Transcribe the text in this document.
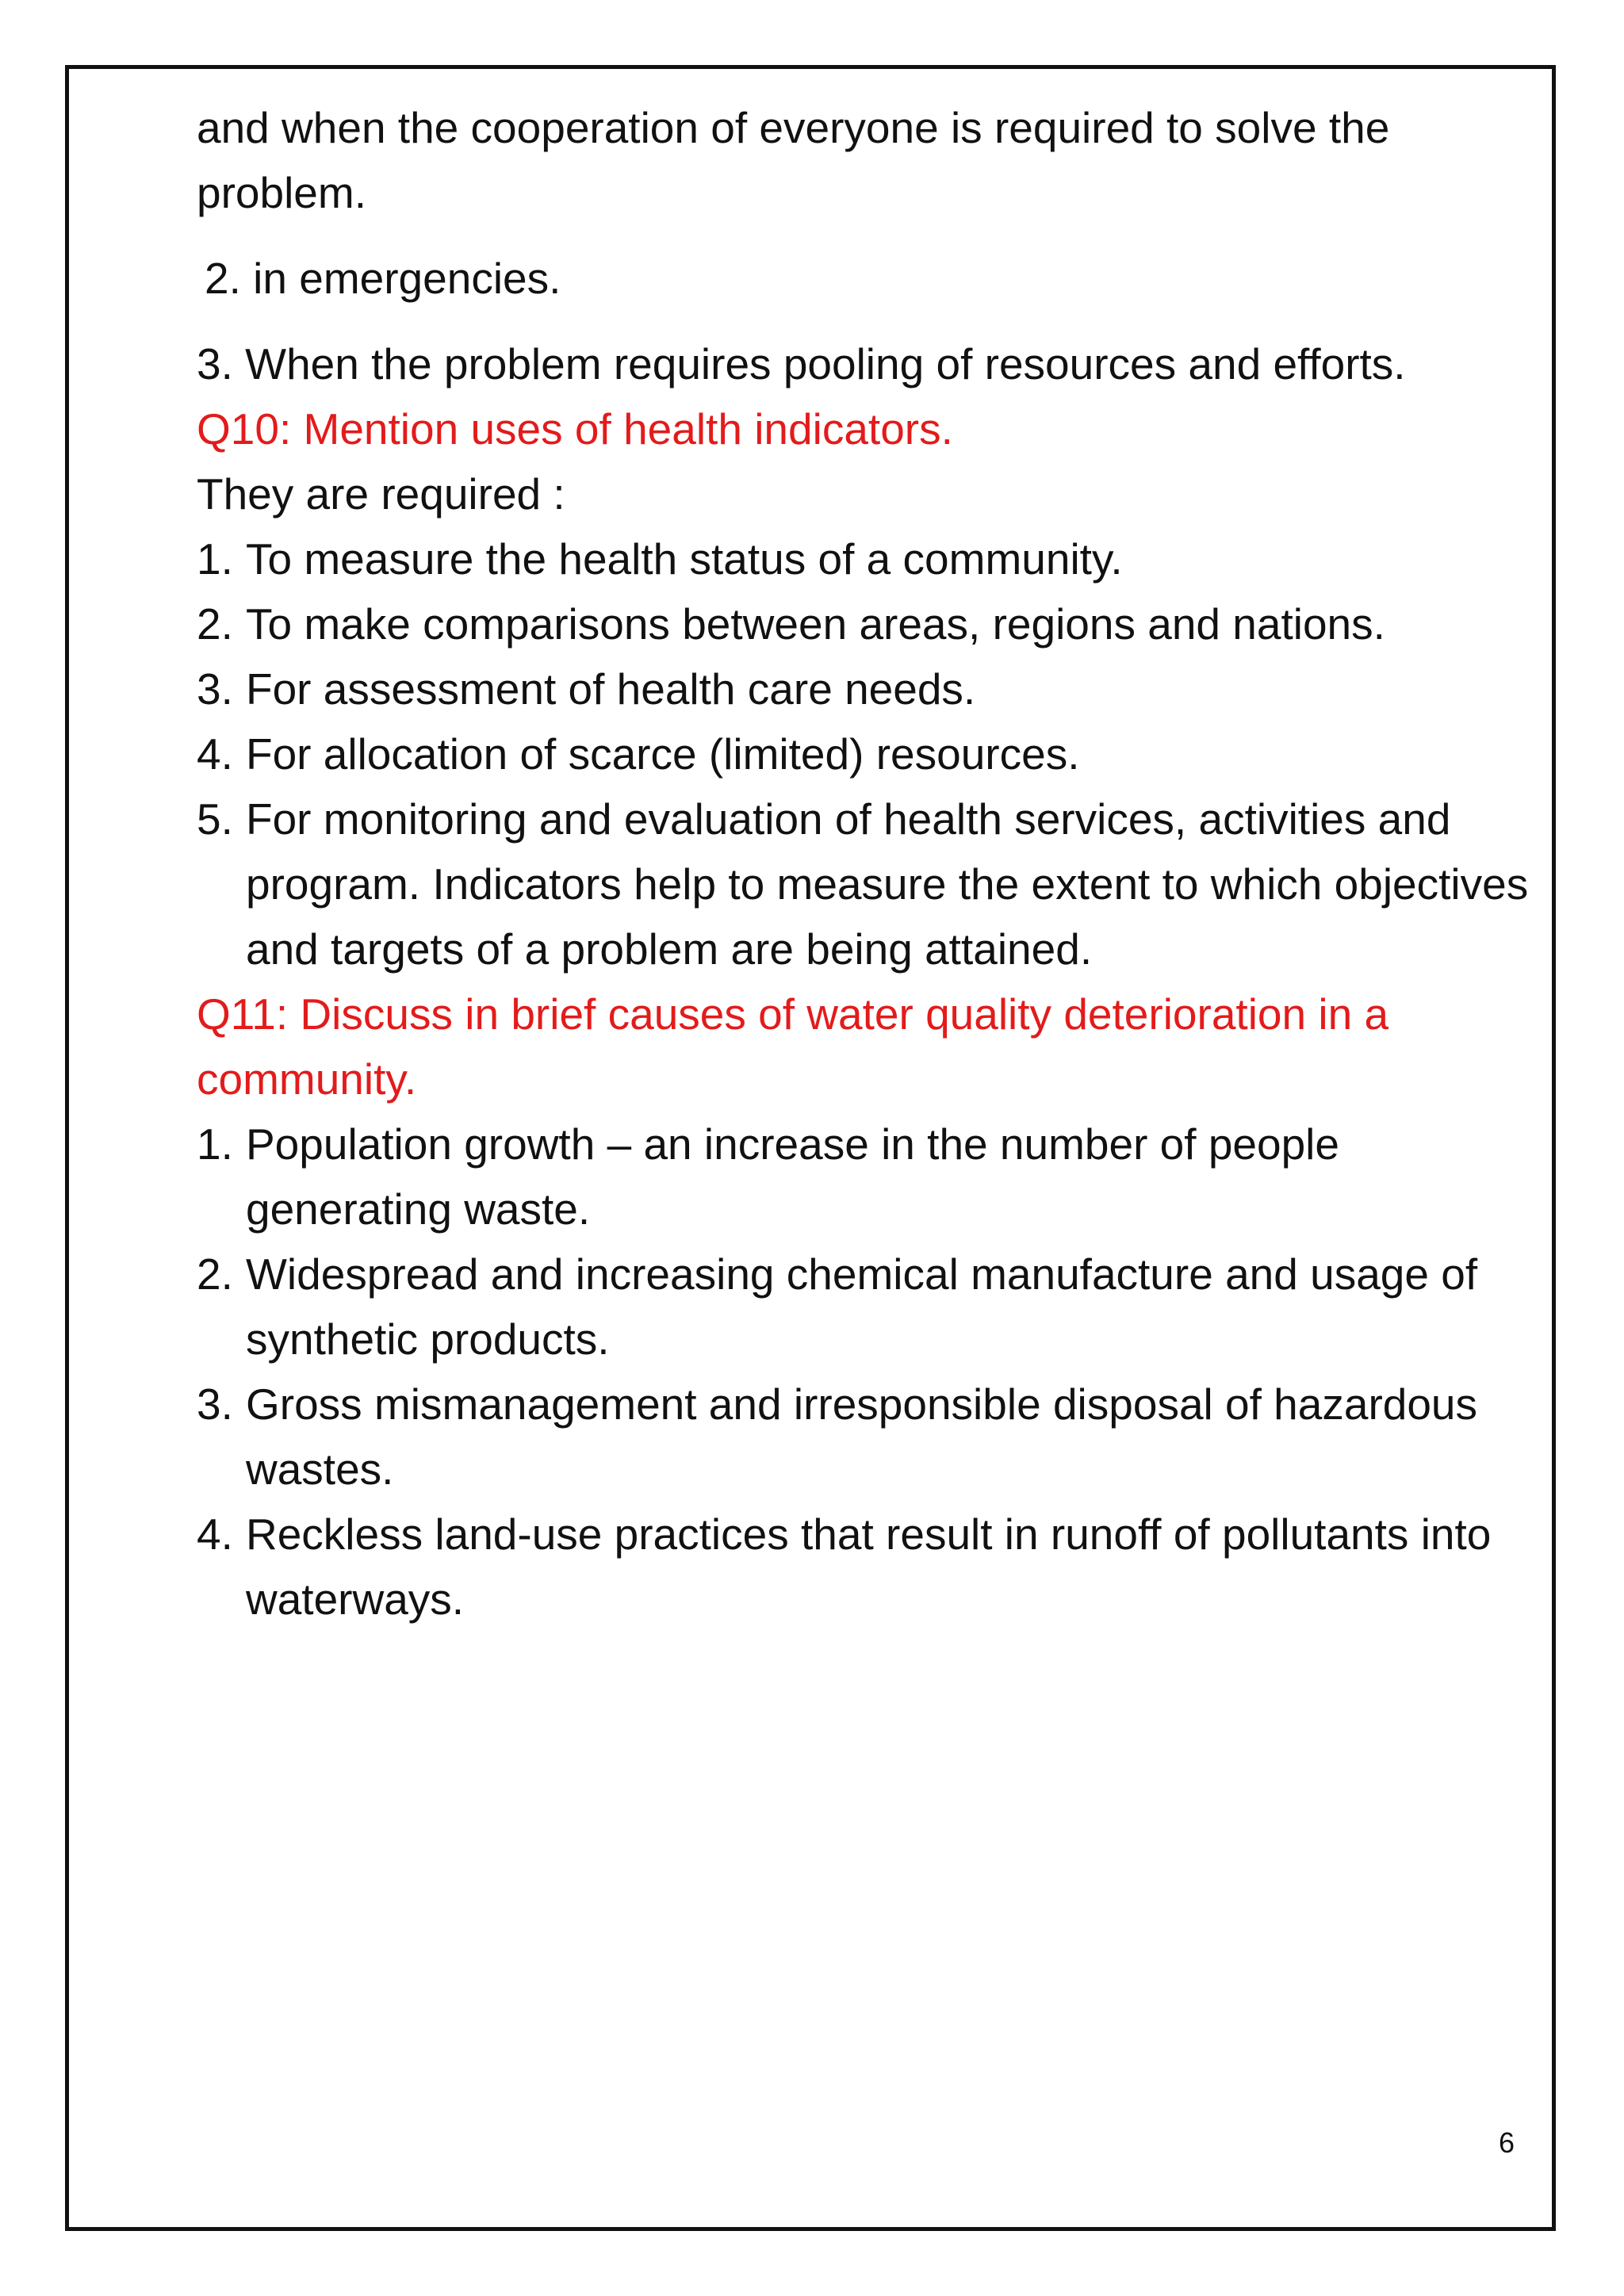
and when the cooperation of everyone is required to solve the problem.

2. in emergencies.

3. When the problem requires pooling of resources and efforts.

Q10: Mention uses of health indicators.

They are required :

1. To measure the health status of a community.
2. To make comparisons between areas, regions and nations.
3. For assessment of health care needs.
4. For allocation of scarce (limited) resources.
5. For monitoring and evaluation of health services, activities and program. Indicators help to measure the extent to which objectives and targets of a problem are being attained.
Q11: Discuss in brief causes of water quality deterioration in a community.
1. Population growth – an increase in the number of people generating waste.
2. Widespread and increasing chemical manufacture and usage of synthetic products.
3. Gross mismanagement and irresponsible disposal of hazardous wastes.
4. Reckless land-use practices that result in runoff of pollutants into waterways.
6
